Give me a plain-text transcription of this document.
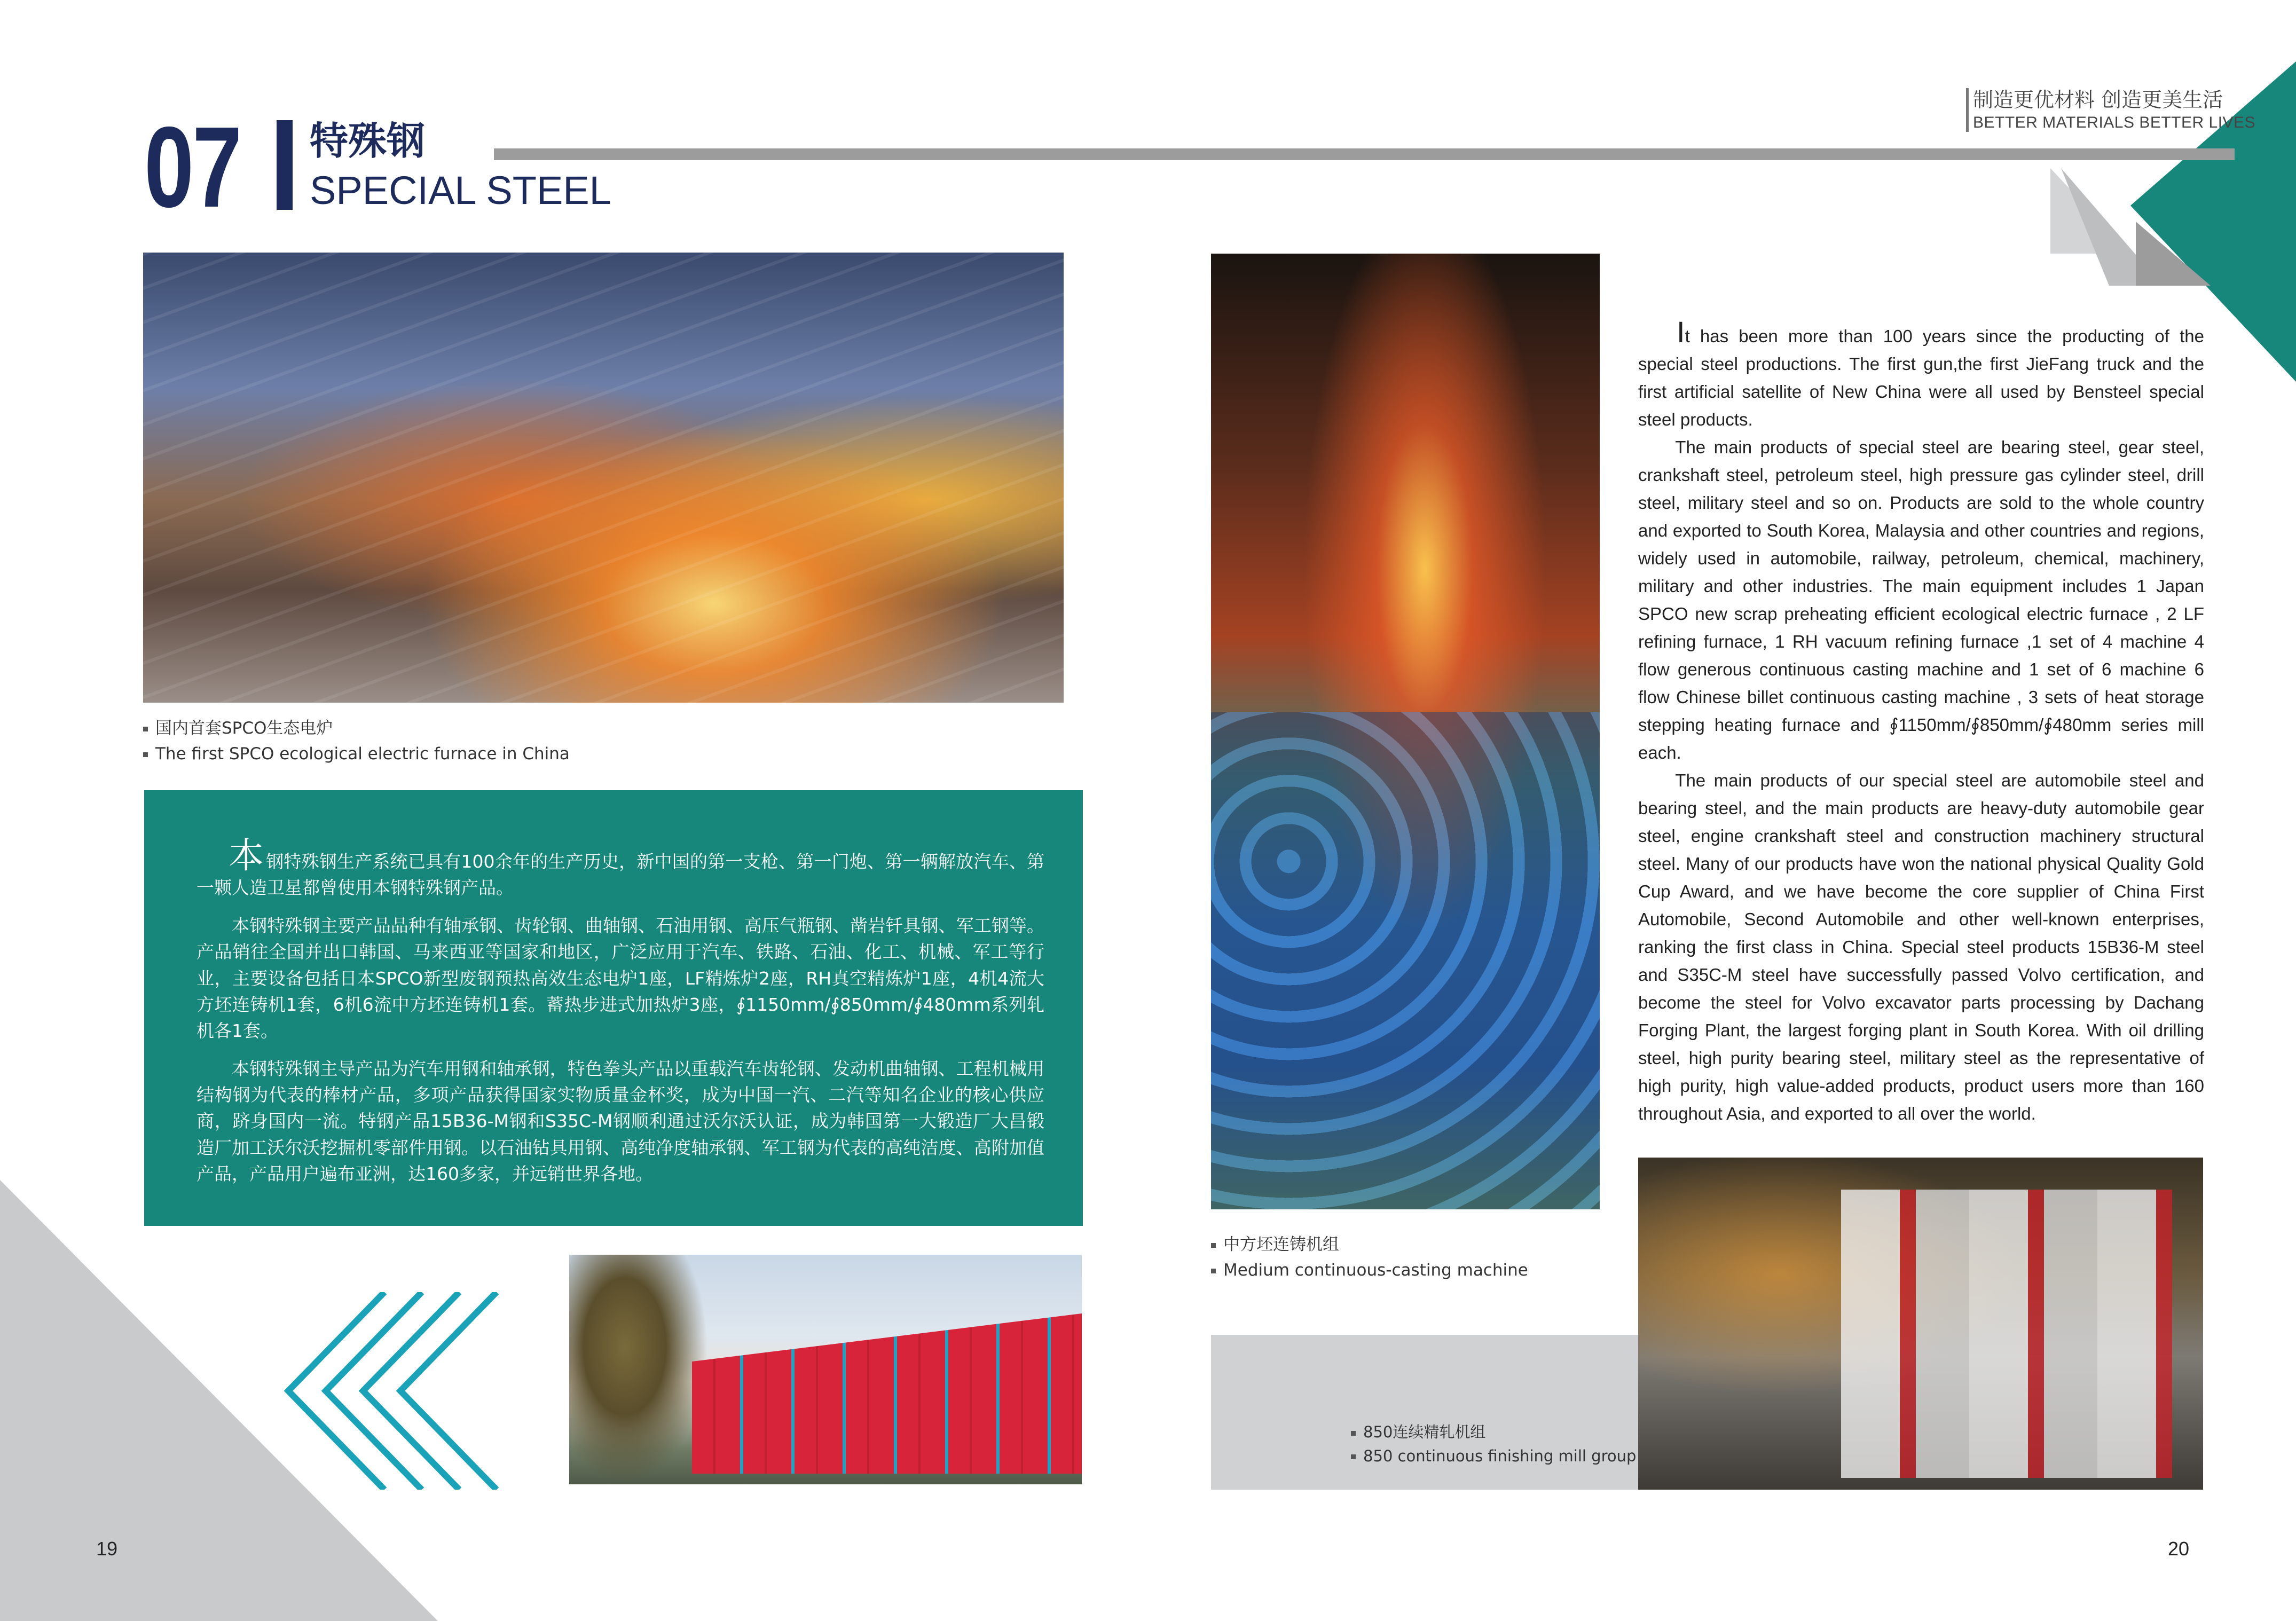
07 特殊钢
SPECIAL STEEL
制造更优材料 创造更美生活
BETTER MATERIALS BETTER LIVES
国内首套SPCO生态电炉
The first SPCO ecological electric furnace in China
中方坯连铸机组
Medium continuous-casting machine
850连续精轧机组
850 continuous finishing mill group

本钢特殊钢生产系统已具有100余年的生产历史，新中国的第一支枪、第一门炮、第一辆解放汽车、第一颗人造卫星都曾使用本钢特殊钢产品。

本钢特殊钢主要产品品种有轴承钢、齿轮钢、曲轴钢、石油用钢、高压气瓶钢、凿岩钎具钢、军工钢等。产品销往全国并出口韩国、马来西亚等国家和地区，广泛应用于汽车、铁路、石油、化工、机械、军工等行业，主要设备包括日本SPCO新型废钢预热高效生态电炉1座，LF精炼炉2座，RH真空精炼炉1座，4机4流大方坯连铸机1套，6机6流中方坯连铸机1套。蓄热步进式加热炉3座，∮1150mm/∮850mm/∮480mm系列轧机各1套。

本钢特殊钢主导产品为汽车用钢和轴承钢，特色拳头产品以重载汽车齿轮钢、发动机曲轴钢、工程机械用结构钢为代表的棒材产品，多项产品获得国家实物质量金杯奖，成为中国一汽、二汽等知名企业的核心供应商，跻身国内一流。特钢产品15B36-M钢和S35C-M钢顺利通过沃尔沃认证，成为韩国第一大锻造厂大昌锻造厂加工沃尔沃挖掘机零部件用钢。以石油钻具用钢、高纯净度轴承钢、军工钢为代表的高纯洁度、高附加值产品，产品用户遍布亚洲，达160多家，并远销世界各地。

It has been more than 100 years since the producting of the special steel productions. The first gun,the first JieFang truck and the first artificial satellite of New China were all used by Bensteel special steel products.

The main products of special steel are bearing steel, gear steel, crankshaft steel, petroleum steel, high pressure gas cylinder steel, drill steel, military steel and so on. Products are sold to the whole country and exported to South Korea, Malaysia and other countries and regions, widely used in automobile, railway, petroleum, chemical, machinery, military and other industries. The main equipment includes 1 Japan SPCO new scrap preheating efficient ecological electric furnace , 2 LF refining furnace, 1 RH vacuum refining furnace ,1 set of 4 machine 4 flow generous continuous casting machine and 1 set of 6 machine 6 flow Chinese billet continuous casting machine , 3 sets of heat storage stepping heating furnace and ∮1150mm/∮850mm/∮480mm series mill each.

The main products of our special steel are automobile steel and bearing steel, and the main products are heavy-duty automobile gear steel, engine crankshaft steel and construction machinery structural steel. Many of our products have won the national physical Quality Gold Cup Award, and we have become the core supplier of China First Automobile, Second Automobile and other well-known enterprises, ranking the first class in China. Special steel products 15B36-M steel and S35C-M steel have successfully passed Volvo certification, and become the steel for Volvo excavator parts processing by Dachang Forging Plant, the largest forging plant in South Korea. With oil drilling steel, high purity bearing steel, military steel as the representative of high purity, high value-added products, product users more than 160 throughout Asia, and exported to all over the world.

19	20
